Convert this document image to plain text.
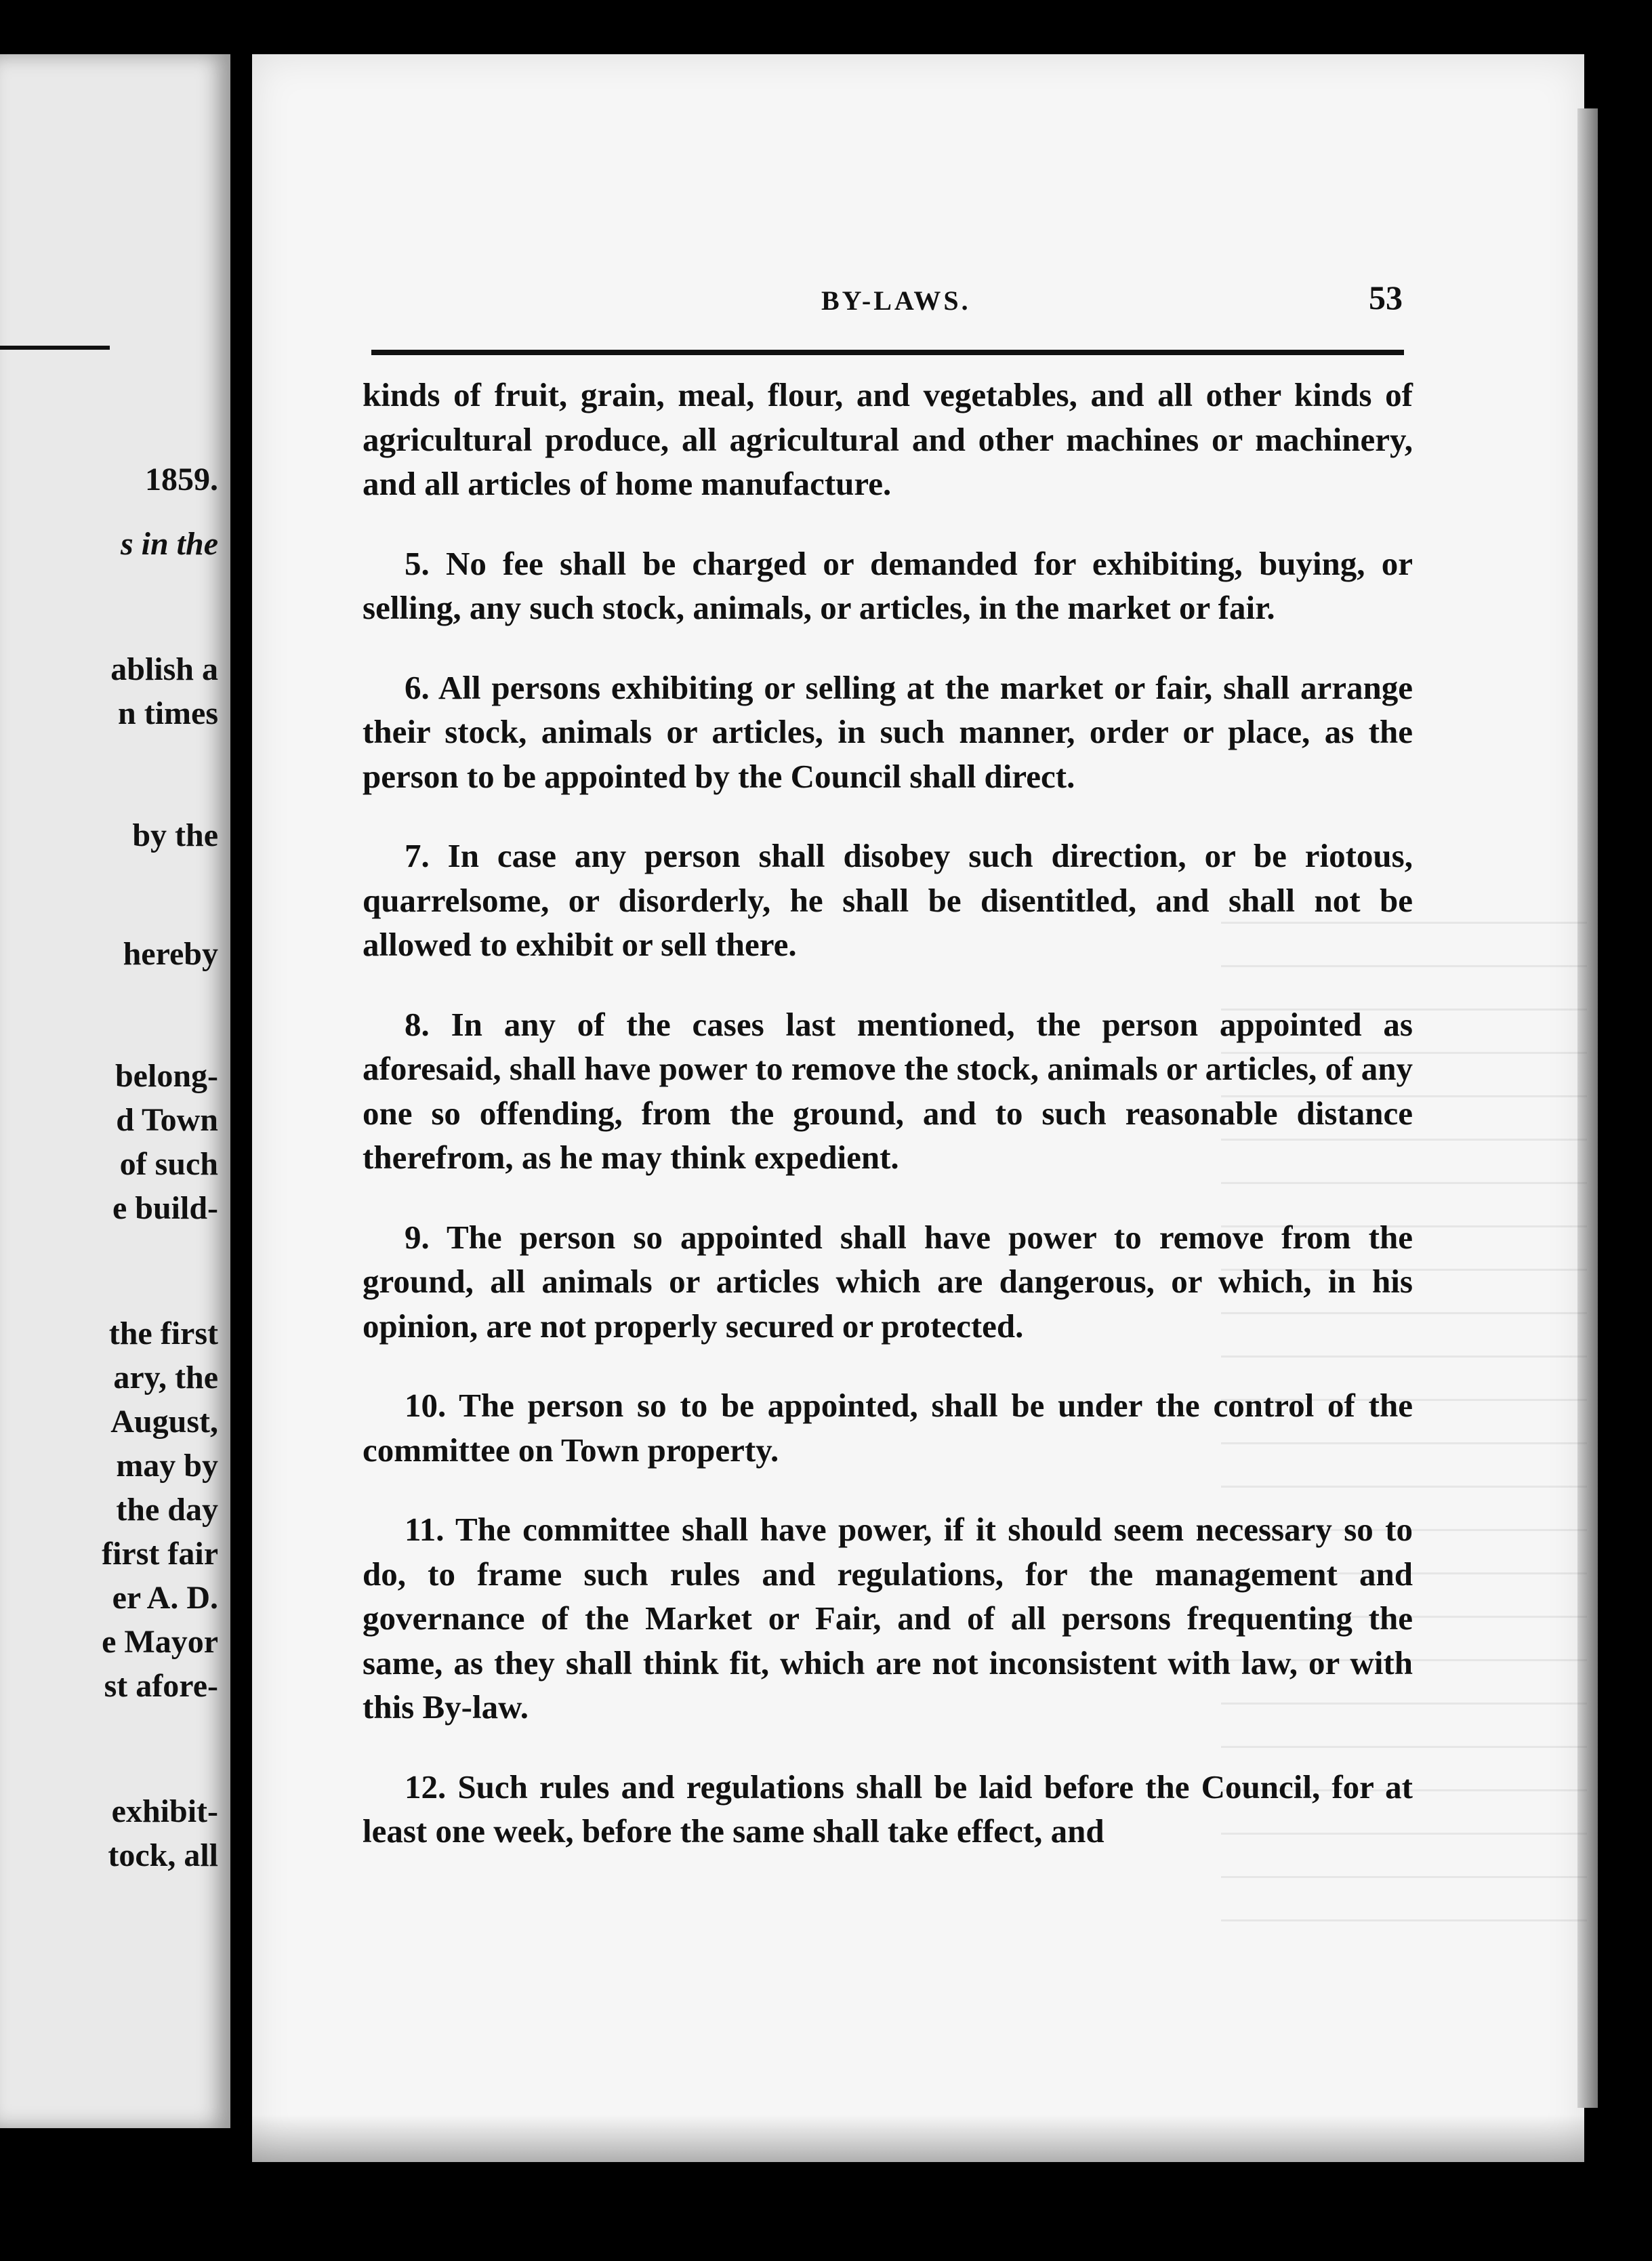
1859.

s in the

ablish a

n times

by the

hereby

belong-

d Town

of such

e build-

the first

ary, the

August,

may by

the day

first fair

er A. D.

e Mayor

st afore-

exhibit-

tock, all

BY-LAWS.	53

kinds of fruit, grain, meal, flour, and vegetables, and all other kinds of agricultural produce, all agricultural and other machines or machinery, and all articles of home manufacture.

5. No fee shall be charged or demanded for exhibiting, buying, or selling, any such stock, animals, or articles, in the market or fair.

6. All persons exhibiting or selling at the market or fair, shall arrange their stock, animals or articles, in such manner, order or place, as the person to be appointed by the Council shall direct.

7. In case any person shall disobey such direction, or be riotous, quarrelsome, or disorderly, he shall be disentitled, and shall not be allowed to exhibit or sell there.

8. In any of the cases last mentioned, the person appointed as aforesaid, shall have power to remove the stock, animals or articles, of any one so offending, from the ground, and to such reasonable distance therefrom, as he may think expedient.

9. The person so appointed shall have power to remove from the ground, all animals or articles which are dangerous, or which, in his opinion, are not properly secured or protected.

10. The person so to be appointed, shall be under the control of the committee on Town property.

11. The committee shall have power, if it should seem necessary so to do, to frame such rules and regulations, for the management and governance of the Market or Fair, and of all persons frequenting the same, as they shall think fit, which are not inconsistent with law, or with this By-law.

12. Such rules and regulations shall be laid before the Council, for at least one week, before the same shall take effect, and
